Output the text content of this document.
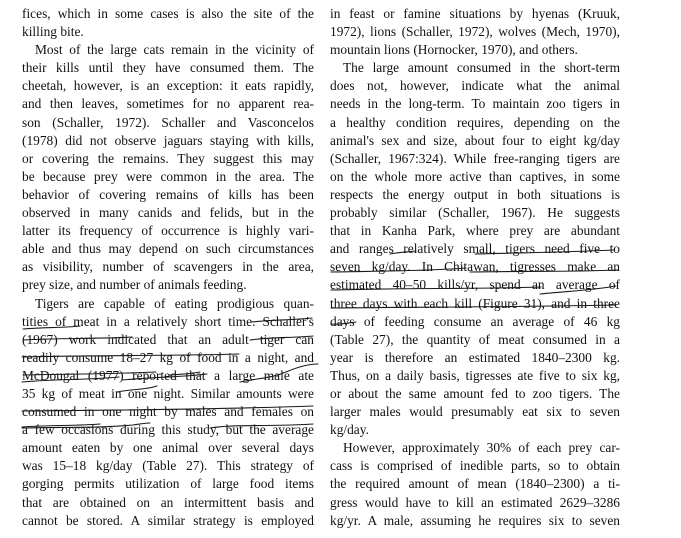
fices, which in some cases is also the site of the
killing bite.
Most of the large cats remain in the vicinity of
their kills until they have consumed them. The
cheetah, however, is an exception: it eats rapidly,
and then leaves, sometimes for no apparent rea-
son (Schaller, 1972). Schaller and Vasconcelos
(1978) did not observe jaguars staying with kills,
or covering the remains. They suggest this may
be because prey were common in the area. The
behavior of covering remains of kills has been
observed in many canids and felids, but in the
latter its frequency of occurrence is highly vari-
able and thus may depend on such circumstances
as visibility, number of scavengers in the area,
prey size, and number of animals feeding.
Tigers are capable of eating prodigious quan-
tities of meat in a relatively short time. Schaller's
(1967) work indicated that an adult tiger can
readily consume 18–27 kg of food in a night, and
McDougal (1977) reported that a large male ate
35 kg of meat in one night. Similar amounts were
consumed in one night by males and females on
a few occasions during this study, but the average
amount eaten by one animal over several days
was 15–18 kg/day (Table 27). This strategy of
gorging permits utilization of large food items
that are obtained on an intermittent basis and
cannot be stored. A similar strategy is employed
in feast or famine situations by hyenas (Kruuk,
1972), lions (Schaller, 1972), wolves (Mech, 1970),
mountain lions (Hornocker, 1970), and others.
The large amount consumed in the short-term
does not, however, indicate what the animal
needs in the long-term. To maintain zoo tigers in
a healthy condition requires, depending on the
animal's sex and size, about four to eight kg/day
(Schaller, 1967:324). While free-ranging tigers are
on the whole more active than captives, in some
respects the energy output in both situations is
probably similar (Schaller, 1967). He suggests
that in Kanha Park, where prey are abundant
and ranges relatively small, tigers need five to
seven kg/day. In Chitawan, tigresses make an
estimated 40–50 kills/yr, spend an average of
three days with each kill (Figure 31), and in three
days of feeding consume an average of 46 kg
(Table 27), the quantity of meat consumed in a
year is therefore an estimated 1840–2300 kg.
Thus, on a daily basis, tigresses ate five to six kg,
or about the same amount fed to zoo tigers. The
larger males would presumably eat six to seven
kg/day.
However, approximately 30% of each prey car-
cass is comprised of inedible parts, so to obtain
the required amount of mean (1840–2300) a ti-
gress would have to kill an estimated 2629–3286
kg/yr. A male, assuming he requires six to seven
